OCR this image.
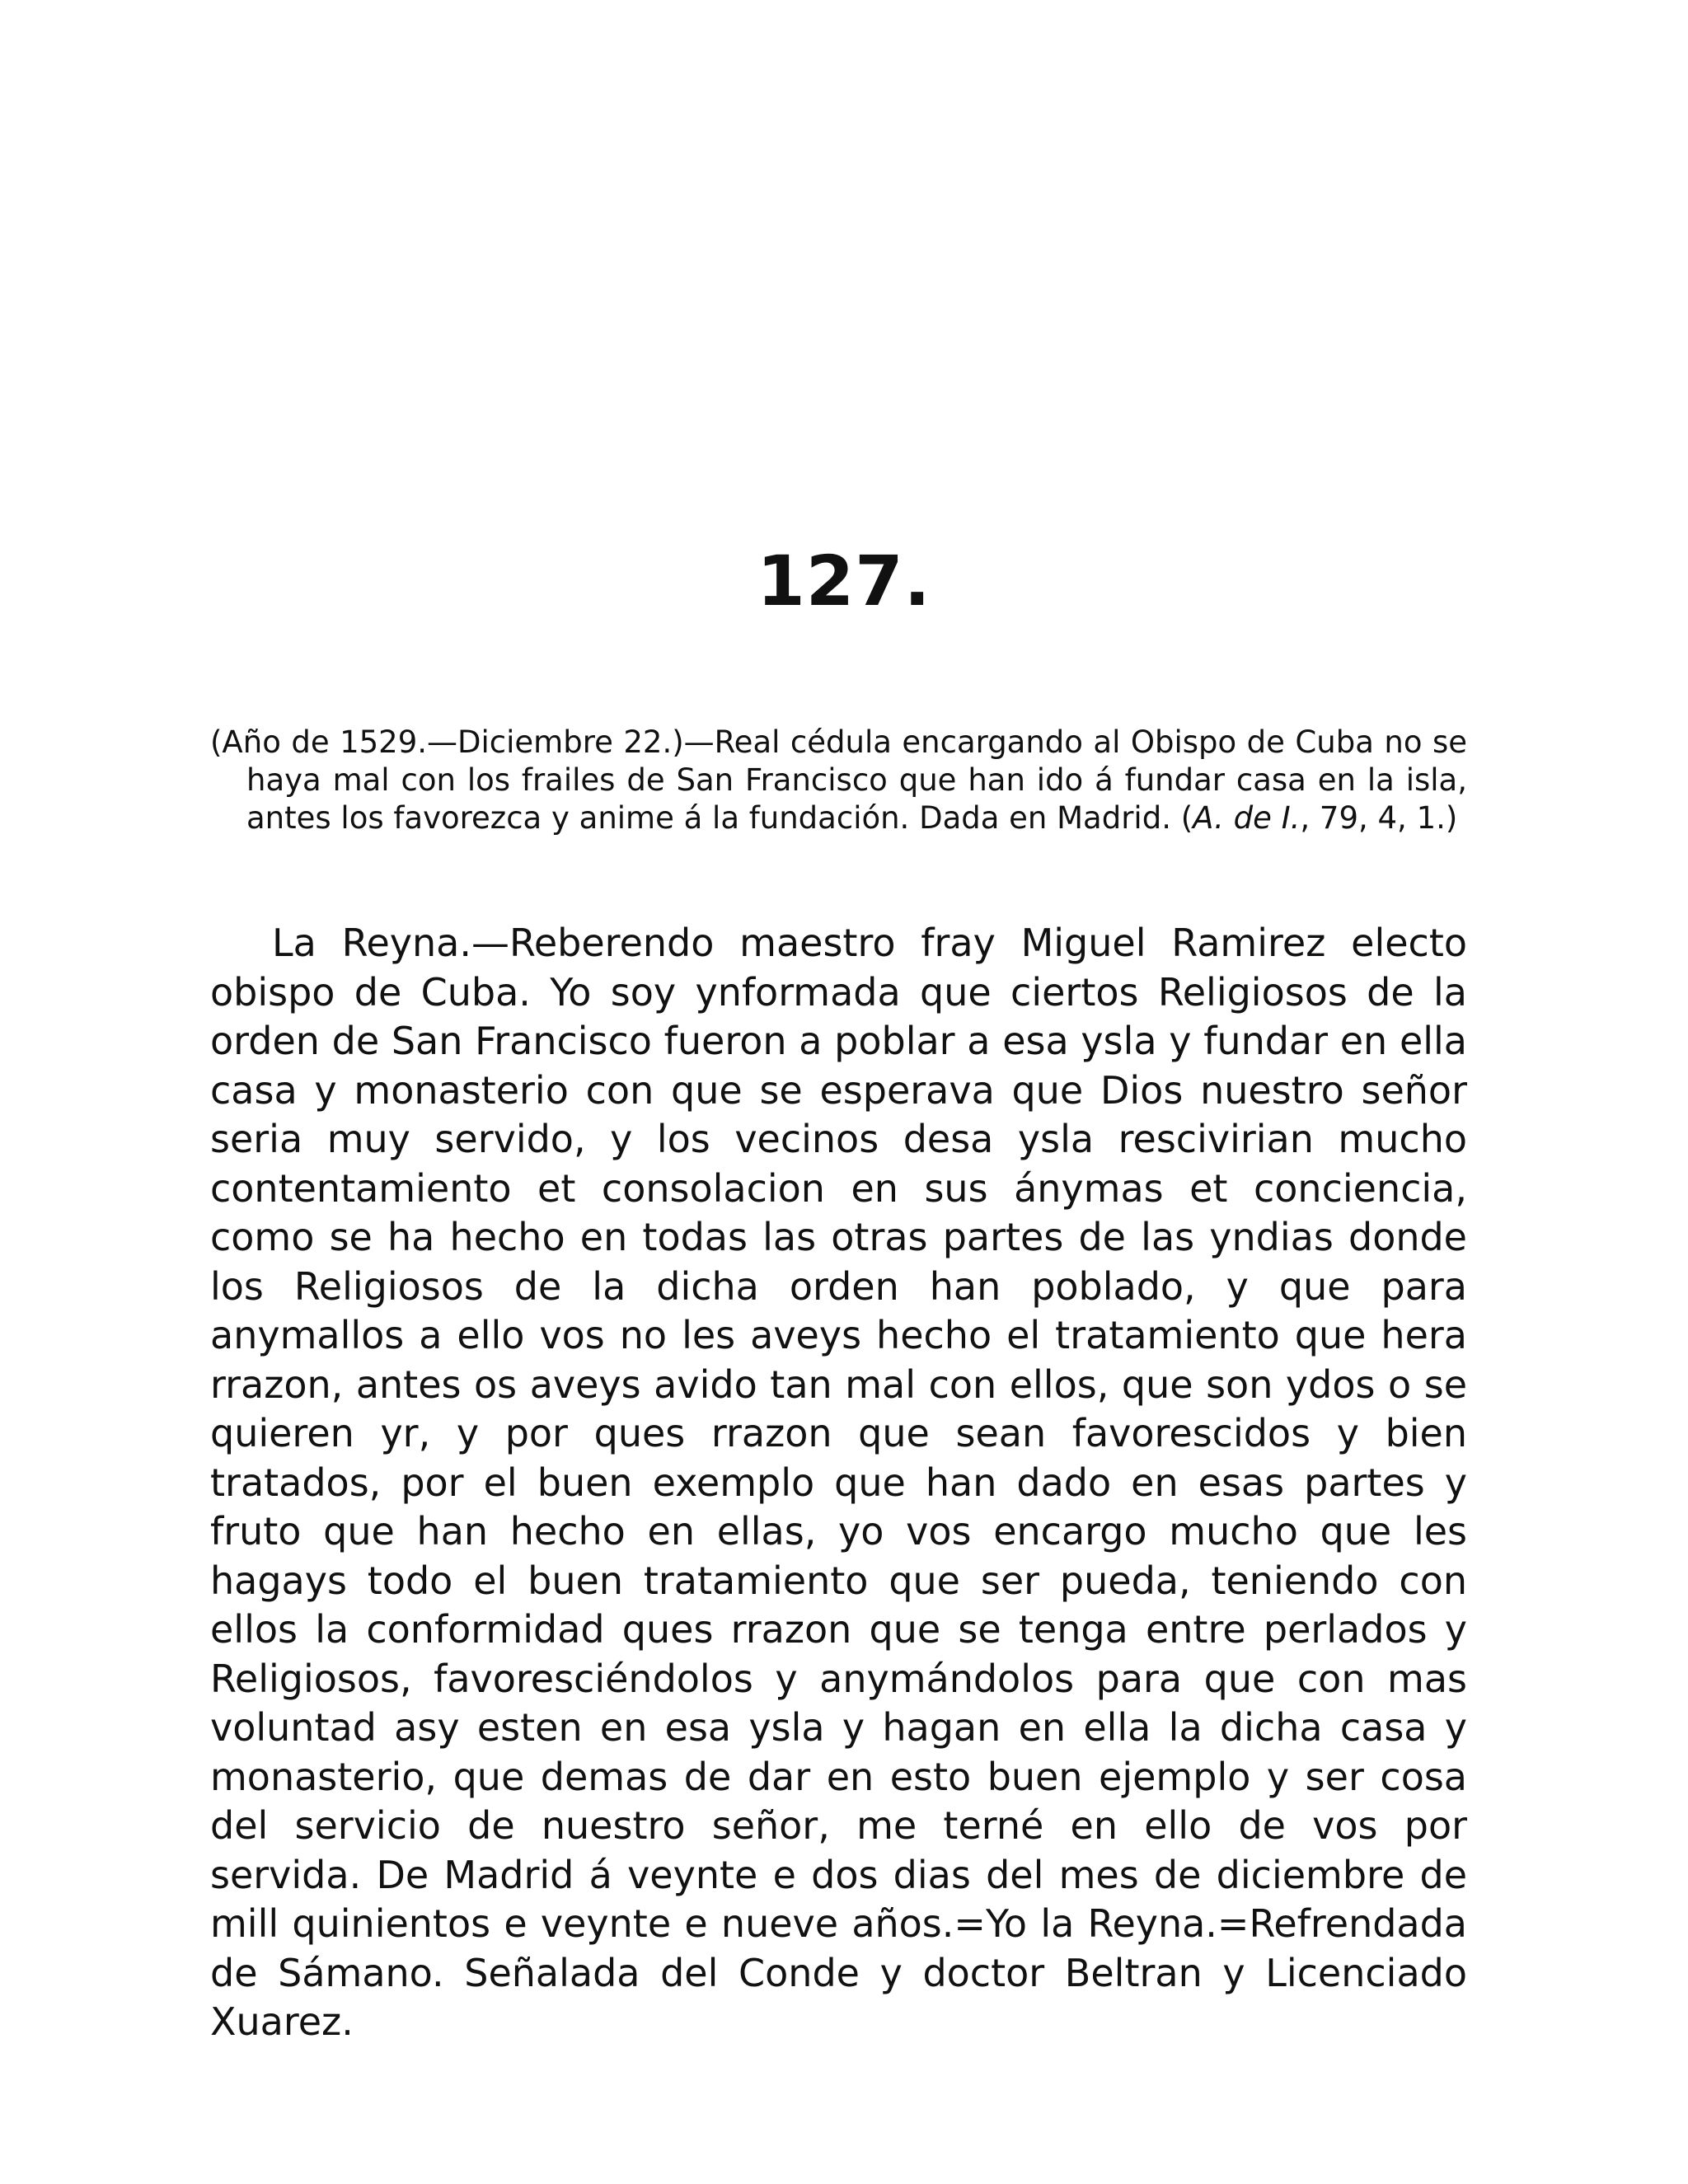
127.

(Año de 1529.—Diciembre 22.)—Real cédula encargando al Obispo de Cuba no se haya mal con los frailes de San Francisco que han ido á fundar casa en la isla, antes los favorezca y anime á la fundación. Dada en Madrid. (A. de I., 79, 4, 1.)

La Reyna.—Reberendo maestro fray Miguel Ramirez electo obispo de Cuba. Yo soy ynformada que ciertos Religiosos de la orden de San Francisco fueron a poblar a esa ysla y fundar en ella casa y monasterio con que se esperava que Dios nuestro señor seria muy servido, y los vecinos desa ysla rescivirian mucho contentamiento et consolacion en sus ánymas et conciencia, como se ha hecho en todas las otras partes de las yndias donde los Religiosos de la dicha orden han poblado, y que para anymallos a ello vos no les aveys hecho el tratamiento que hera rrazon, antes os aveys avido tan mal con ellos, que son ydos o se quieren yr, y por ques rrazon que sean favorescidos y bien tratados, por el buen exemplo que han dado en esas partes y fruto que han hecho en ellas, yo vos encargo mucho que les hagays todo el buen tratamiento que ser pueda, teniendo con ellos la conformidad ques rrazon que se tenga entre perlados y Religiosos, favoresciéndolos y anymándolos para que con mas voluntad asy esten en esa ysla y hagan en ella la dicha casa y monasterio, que demas de dar en esto buen ejemplo y ser cosa del servicio de nuestro señor, me terné en ello de vos por servida. De Madrid á veynte e dos dias del mes de diciembre de mill quinientos e veynte e nueve años.=Yo la Reyna.=Refrendada de Sámano. Señalada del Conde y doctor Beltran y Licenciado Xuarez.
